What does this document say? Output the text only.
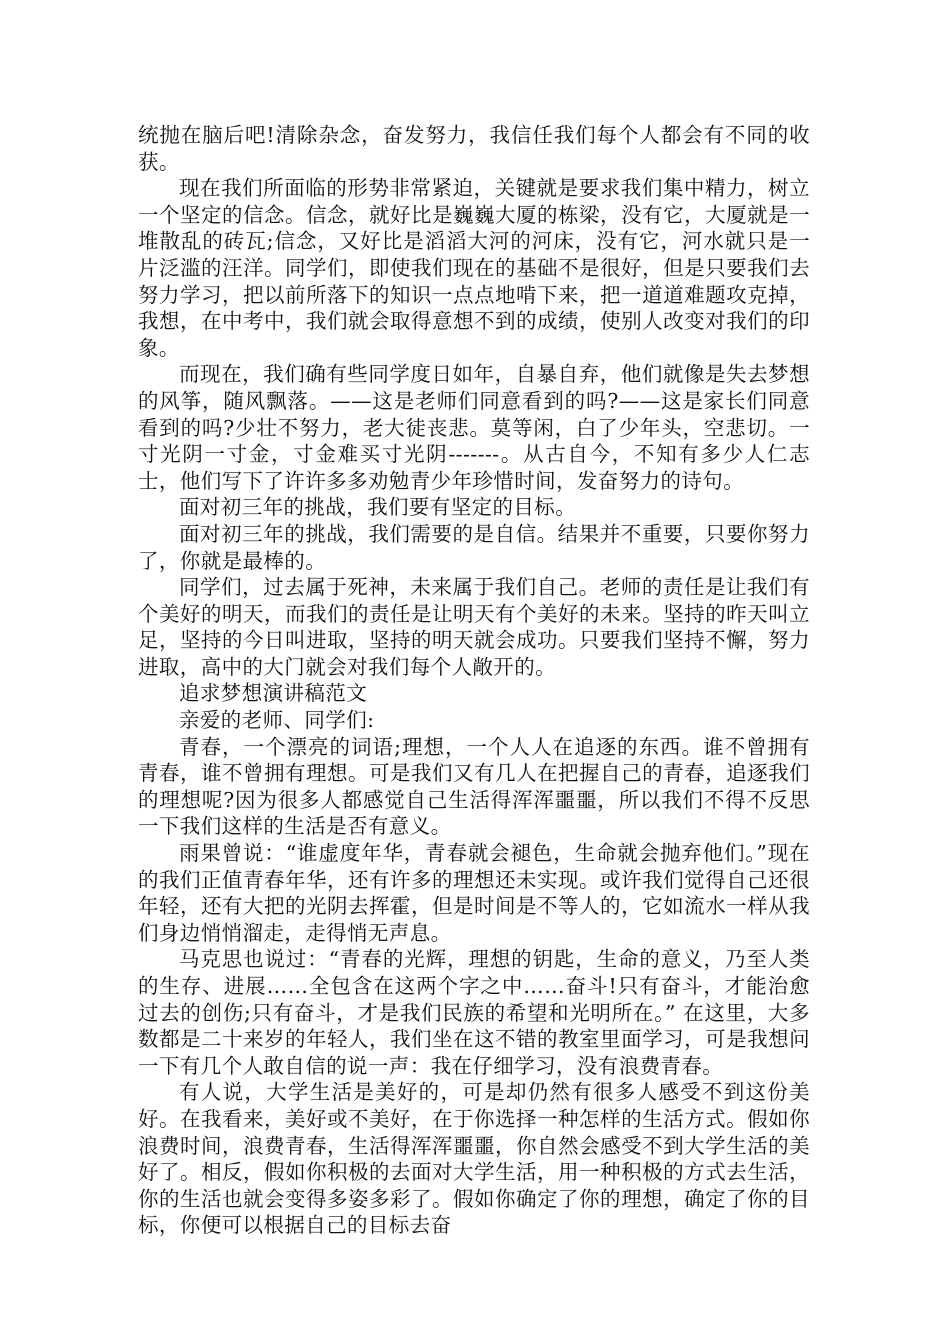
统抛在脑后吧!清除杂念，奋发努力，我信任我们每个人都会有不同的收获。

现在我们所面临的形势非常紧迫，关键就是要求我们集中精力，树立一个坚定的信念。信念，就好比是巍巍大厦的栋梁，没有它，大厦就是一堆散乱的砖瓦;信念，又好比是滔滔大河的河床，没有它，河水就只是一片泛滥的汪洋。同学们，即使我们现在的基础不是很好，但是只要我们去努力学习，把以前所落下的知识一点点地啃下来，把一道道难题攻克掉，我想，在中考中，我们就会取得意想不到的成绩，使别人改变对我们的印象。

而现在，我们确有些同学度日如年，自暴自弃，他们就像是失去梦想的风筝，随风飘落。——这是老师们同意看到的吗?——这是家长们同意看到的吗?少壮不努力，老大徒丧悲。莫等闲，白了少年头，空悲切。一寸光阴一寸金，寸金难买寸光阴-------。从古自今，不知有多少人仁志士，他们写下了许许多多劝勉青少年珍惜时间，发奋努力的诗句。

面对初三年的挑战，我们要有坚定的目标。

面对初三年的挑战，我们需要的是自信。结果并不重要，只要你努力了，你就是最棒的。

同学们，过去属于死神，未来属于我们自己。老师的责任是让我们有个美好的明天，而我们的责任是让明天有个美好的未来。坚持的昨天叫立足，坚持的今日叫进取，坚持的明天就会成功。只要我们坚持不懈，努力进取，高中的大门就会对我们每个人敞开的。

追求梦想演讲稿范文

亲爱的老师、同学们:

青春，一个漂亮的词语;理想，一个人人在追逐的东西。谁不曾拥有青春，谁不曾拥有理想。可是我们又有几人在把握自己的青春，追逐我们的理想呢?因为很多人都感觉自己生活得浑浑噩噩，所以我们不得不反思一下我们这样的生活是否有意义。

雨果曾说：“谁虚度年华，青春就会褪色，生命就会抛弃他们。”现在的我们正值青春年华，还有许多的理想还未实现。或许我们觉得自己还很年轻，还有大把的光阴去挥霍，但是时间是不等人的，它如流水一样从我们身边悄悄溜走，走得悄无声息。

马克思也说过：“青春的光辉，理想的钥匙，生命的意义，乃至人类的生存、进展……全包含在这两个字之中……奋斗!只有奋斗，才能治愈过去的创伤;只有奋斗，才是我们民族的希望和光明所在。” 在这里，大多数都是二十来岁的年轻人，我们坐在这不错的教室里面学习，可是我想问一下有几个人敢自信的说一声：我在仔细学习，没有浪费青春。

有人说，大学生活是美好的，可是却仍然有很多人感受不到这份美好。在我看来，美好或不美好，在于你选择一种怎样的生活方式。假如你浪费时间，浪费青春，生活得浑浑噩噩，你自然会感受不到大学生活的美好了。相反，假如你积极的去面对大学生活，用一种积极的方式去生活，你的生活也就会变得多姿多彩了。假如你确定了你的理想，确定了你的目标，你便可以根据自己的目标去奋
